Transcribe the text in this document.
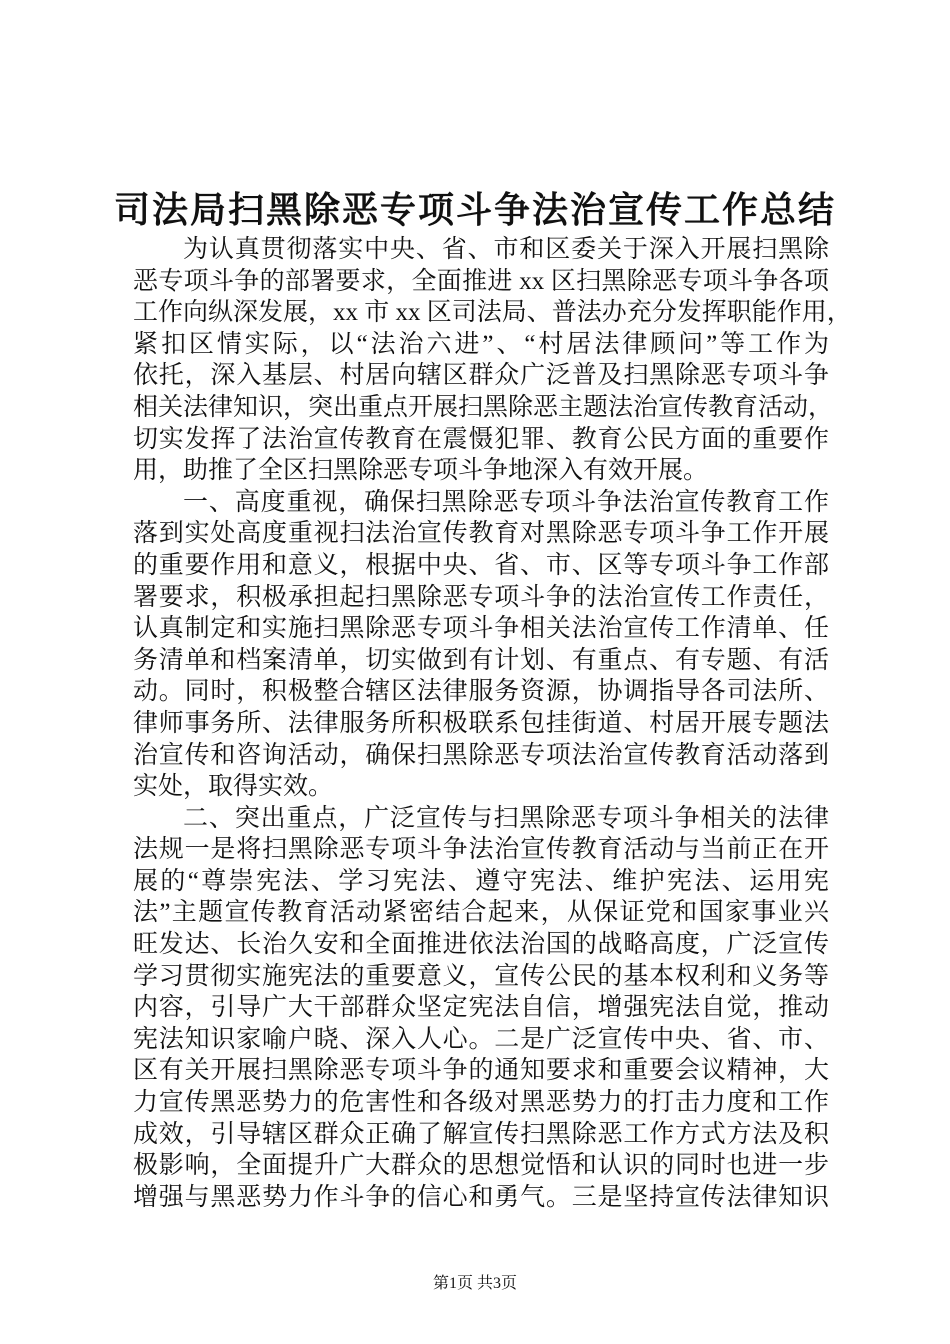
司法局扫黑除恶专项斗争法治宣传工作总结
为认真贯彻落实中央、省、市和区委关于深入开展扫黑除
恶专项斗争的部署要求，全面推进 xx 区扫黑除恶专项斗争各项
工作向纵深发展，xx 市 xx 区司法局、普法办充分发挥职能作用，
紧扣区情实际，以“法治六进”、“村居法律顾问”等工作为
依托，深入基层、村居向辖区群众广泛普及扫黑除恶专项斗争
相关法律知识，突出重点开展扫黑除恶主题法治宣传教育活动，
切实发挥了法治宣传教育在震慑犯罪、教育公民方面的重要作
用，助推了全区扫黑除恶专项斗争地深入有效开展。
一、高度重视，确保扫黑除恶专项斗争法治宣传教育工作
落到实处高度重视扫法治宣传教育对黑除恶专项斗争工作开展
的重要作用和意义，根据中央、省、市、区等专项斗争工作部
署要求，积极承担起扫黑除恶专项斗争的法治宣传工作责任，
认真制定和实施扫黑除恶专项斗争相关法治宣传工作清单、任
务清单和档案清单，切实做到有计划、有重点、有专题、有活
动。同时，积极整合辖区法律服务资源，协调指导各司法所、
律师事务所、法律服务所积极联系包挂街道、村居开展专题法
治宣传和咨询活动，确保扫黑除恶专项法治宣传教育活动落到
实处，取得实效。
二、突出重点，广泛宣传与扫黑除恶专项斗争相关的法律
法规一是将扫黑除恶专项斗争法治宣传教育活动与当前正在开
展的“尊崇宪法、学习宪法、遵守宪法、维护宪法、运用宪
法”主题宣传教育活动紧密结合起来，从保证党和国家事业兴
旺发达、长治久安和全面推进依法治国的战略高度，广泛宣传
学习贯彻实施宪法的重要意义，宣传公民的基本权利和义务等
内容，引导广大干部群众坚定宪法自信，增强宪法自觉，推动
宪法知识家喻户晓、深入人心。二是广泛宣传中央、省、市、
区有关开展扫黑除恶专项斗争的通知要求和重要会议精神，大
力宣传黑恶势力的危害性和各级对黑恶势力的打击力度和工作
成效，引导辖区群众正确了解宣传扫黑除恶工作方式方法及积
极影响，全面提升广大群众的思想觉悟和认识的同时也进一步
增强与黑恶势力作斗争的信心和勇气。三是坚持宣传法律知识
第1页 共3页
